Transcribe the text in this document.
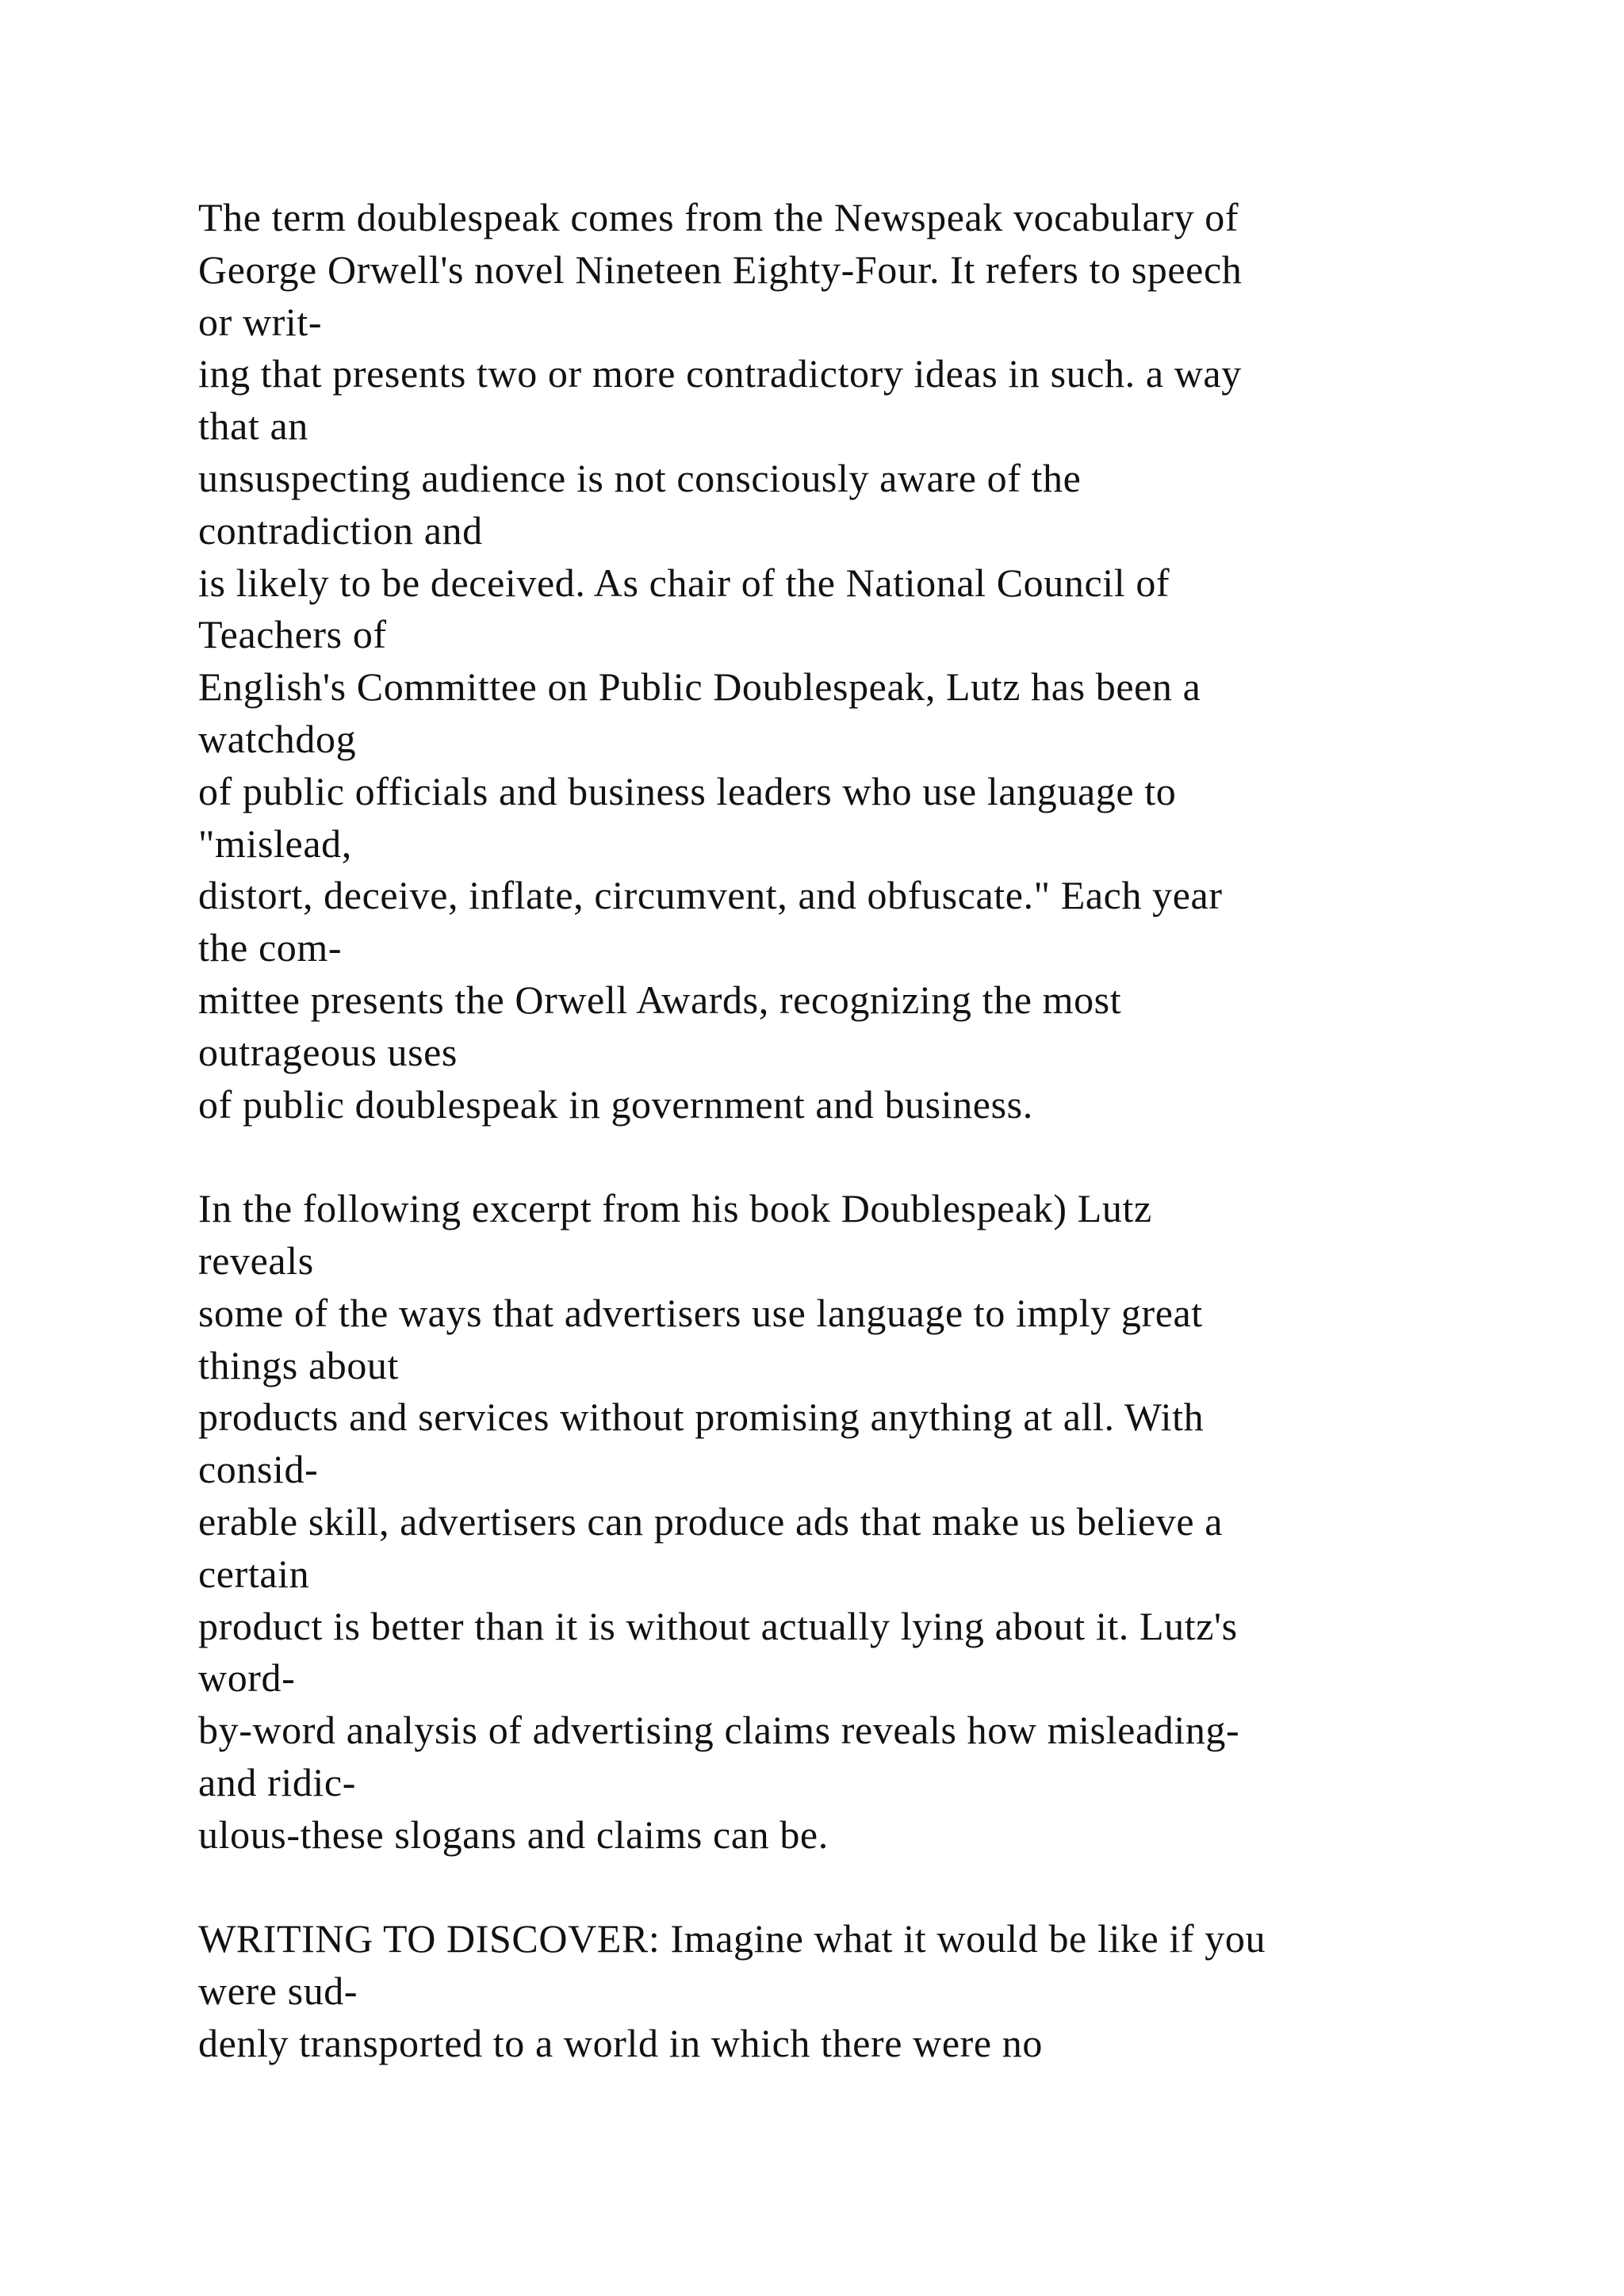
The term doublespeak comes from the Newspeak vocabulary of
George Orwell's novel Nineteen Eighty-Four. It refers to speech
or writ-
ing that presents two or more contradictory ideas in such. a way
that an
unsuspecting audience is not consciously aware of the
contradiction and
is likely to be deceived. As chair of the National Council of
Teachers of
English's Committee on Public Doublespeak, Lutz has been a
watchdog
of public officials and business leaders who use language to
"mislead,
distort, deceive, inflate, circumvent, and obfuscate." Each year
the com-
mittee presents the Orwell Awards, recognizing the most
outrageous uses
of public doublespeak in government and business.
In the following excerpt from his book Doublespeak) Lutz
reveals
some of the ways that advertisers use language to imply great
things about
products and services without promising anything at all. With
consid-
erable skill, advertisers can produce ads that make us believe a
certain
product is better than it is without actually lying about it. Lutz's
word-
by-word analysis of advertising claims reveals how misleading-
and ridic-
ulous-these slogans and claims can be.
WRITING TO DISCOVER: Imagine what it would be like if you
were sud-
denly transported to a world in which there were no
